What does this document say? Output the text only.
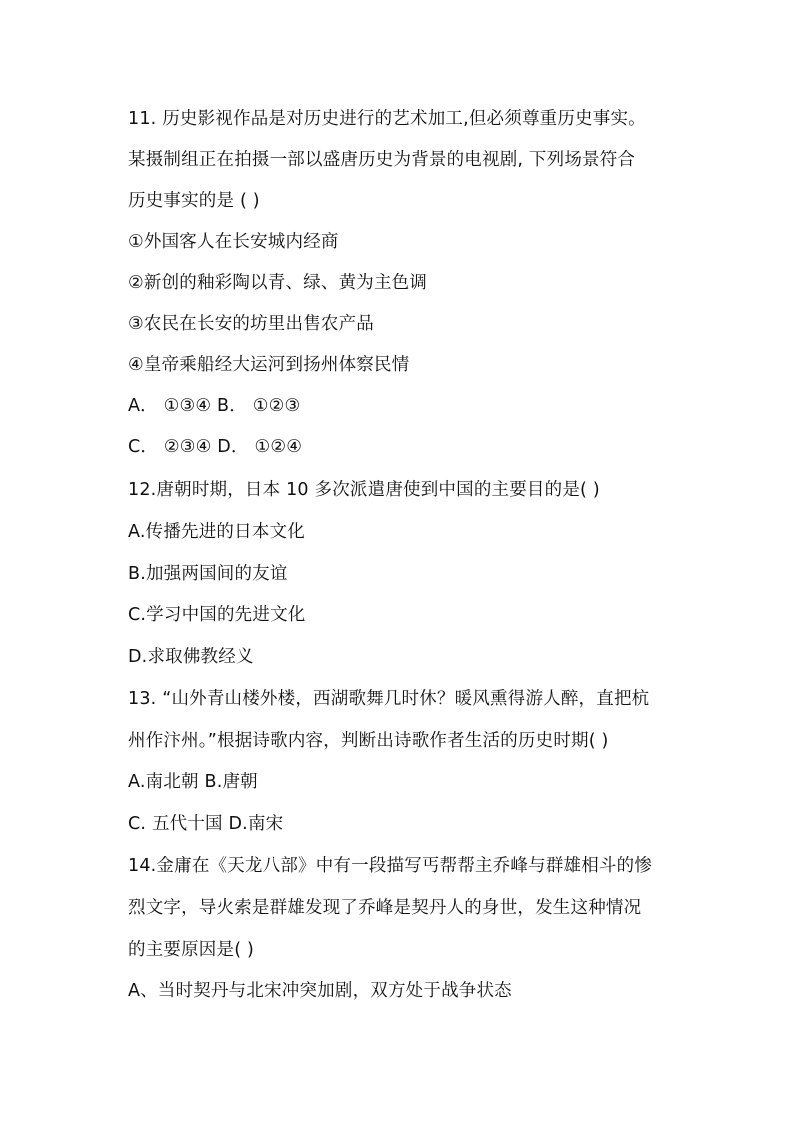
11. 历史影视作品是对历史进行的艺术加工,但必须尊重历史事实。
某摄制组正在拍摄一部以盛唐历史为背景的电视剧, 下列场景符合
历史事实的是 ( )
①外国客人在长安城内经商
②新创的釉彩陶以青、绿、黄为主色调
③农民在长安的坊里出售农产品
④皇帝乘船经大运河到扬州体察民情
A． ①③④ B． ①②③
C． ②③④ D． ①②④
12.唐朝时期，日本 10 多次派遣唐使到中国的主要目的是( )
A.传播先进的日本文化
B.加强两国间的友谊
C.学习中国的先进文化
D.求取佛教经义
13. “山外青山楼外楼，西湖歌舞几时休？暖风熏得游人醉，直把杭
州作汴州。”根据诗歌内容，判断出诗歌作者生活的历史时期( )
A.南北朝 B.唐朝
C. 五代十国 D.南宋
14.金庸在《天龙八部》中有一段描写丐帮帮主乔峰与群雄相斗的惨
烈文字，导火索是群雄发现了乔峰是契丹人的身世，发生这种情况
的主要原因是( )
A、当时契丹与北宋冲突加剧，双方处于战争状态
